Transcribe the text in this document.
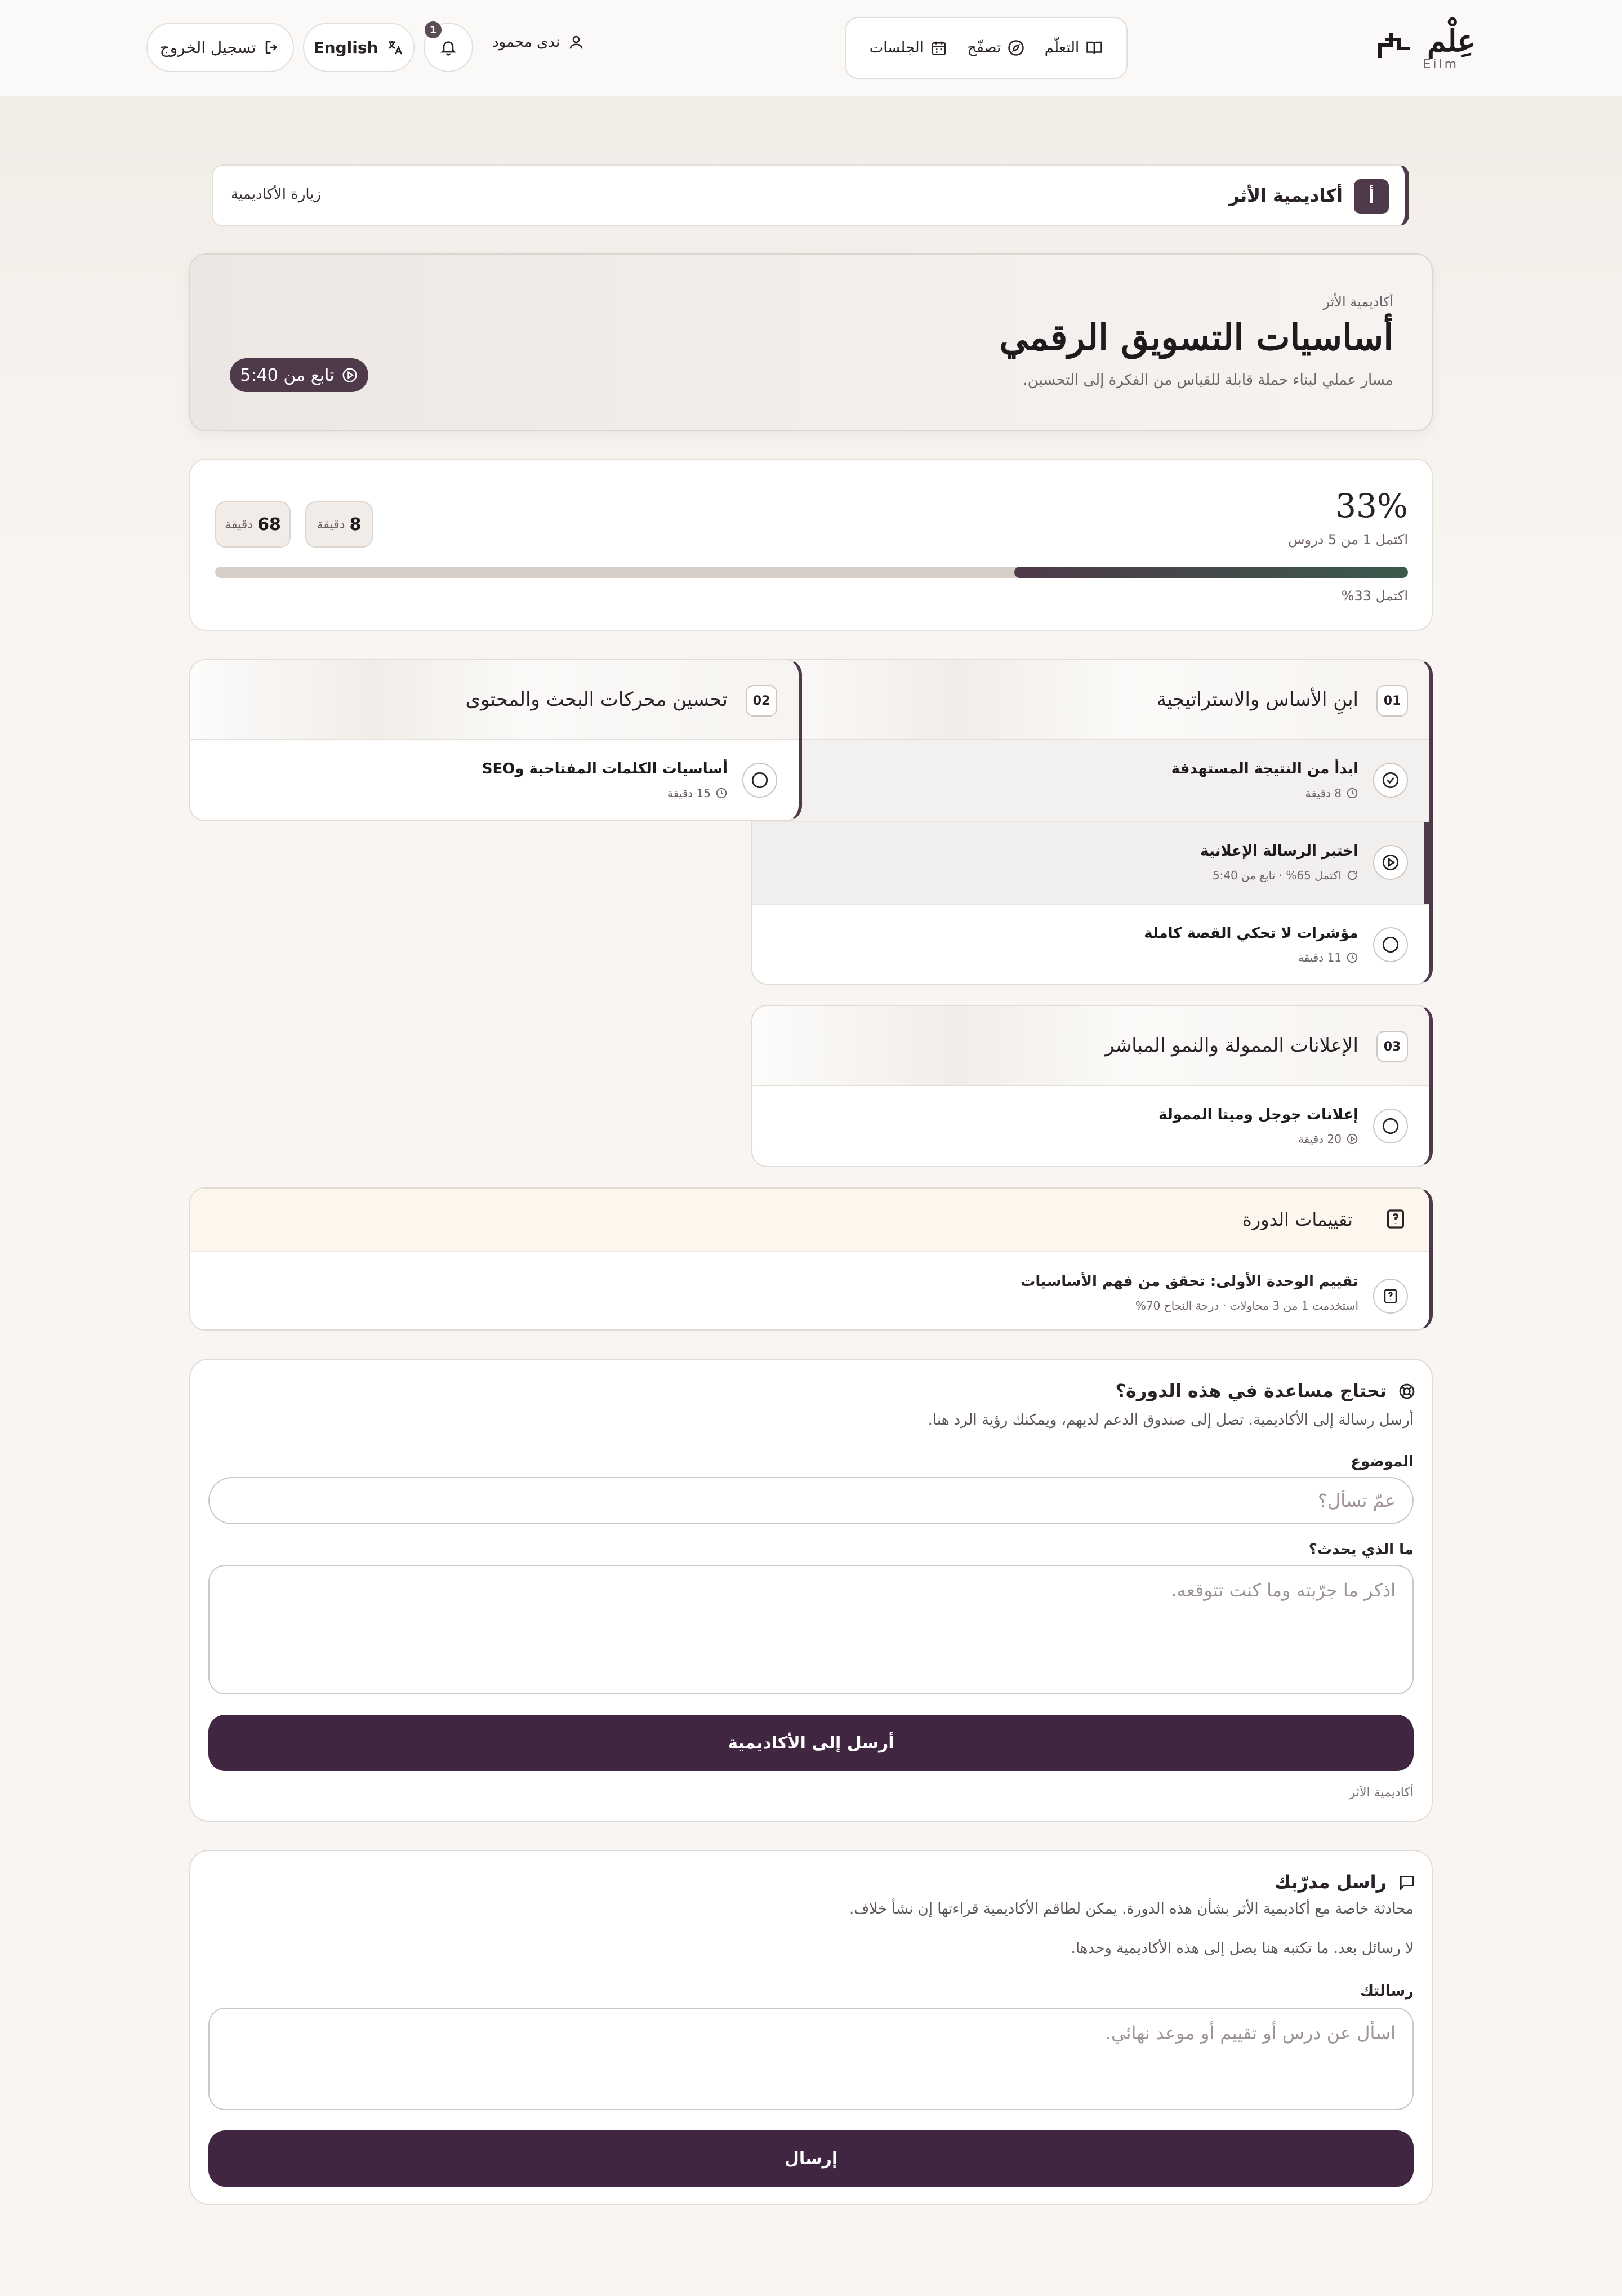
عِلْم
Eilm
التعلّم
تصفّح
الجلسات
ندى محمود
1
English
تسجيل الخروج
أ
أكاديمية الأثر
زيارة الأكاديمية
أكاديمية الأثر
أساسيات التسويق الرقمي

مسار عملي لبناء حملة قابلة للقياس من الفكرة إلى التحسين.

تابع من 5:40
33%
اكتمل 1 من 5 دروس
8
دقيقة
68
دقيقة
اكتمل 33%
01
ابنِ الأساس والاستراتيجية
ابدأ من النتيجة المستهدفة
8 دقيقة
اختبر الرسالة الإعلانية
اكتمل 65% · تابع من 5:40
مؤشرات لا تحكي القصة كاملة
11 دقيقة
02
تحسين محركات البحث والمحتوى
أساسيات الكلمات المفتاحية وSEO
15 دقيقة
03
الإعلانات الممولة والنمو المباشر
إعلانات جوجل وميتا الممولة
20 دقيقة
تقييمات الدورة
تقييم الوحدة الأولى: تحقق من فهم الأساسيات
استخدمت 1 من 3 محاولات · درجة النجاح 70%
تحتاج مساعدة في هذه الدورة؟
أرسل رسالة إلى الأكاديمية. تصل إلى صندوق الدعم لديهم، ويمكنك رؤية الرد هنا.
الموضوع
عمّ تسأل؟
ما الذي يحدث؟
اذكر ما جرّبته وما كنت تتوقعه.
أرسل إلى الأكاديمية
أكاديمية الأثر
راسل مدرّبك
محادثة خاصة مع أكاديمية الأثر بشأن هذه الدورة. يمكن لطاقم الأكاديمية قراءتها إن نشأ خلاف.
لا رسائل بعد. ما تكتبه هنا يصل إلى هذه الأكاديمية وحدها.
رسالتك
اسأل عن درس أو تقييم أو موعد نهائي.
إرسال
